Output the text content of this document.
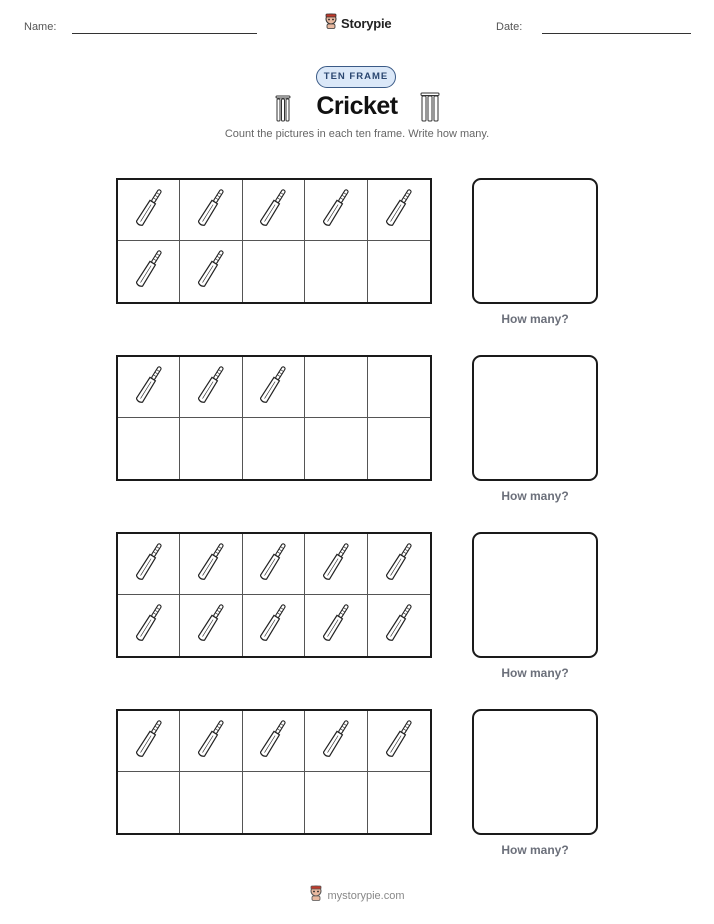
Name:	Storypie	Date:
TEN FRAME
Cricket
Count the pictures in each ten frame. Write how many.
How many?
How many?
How many?
How many?
mystorypie.com
